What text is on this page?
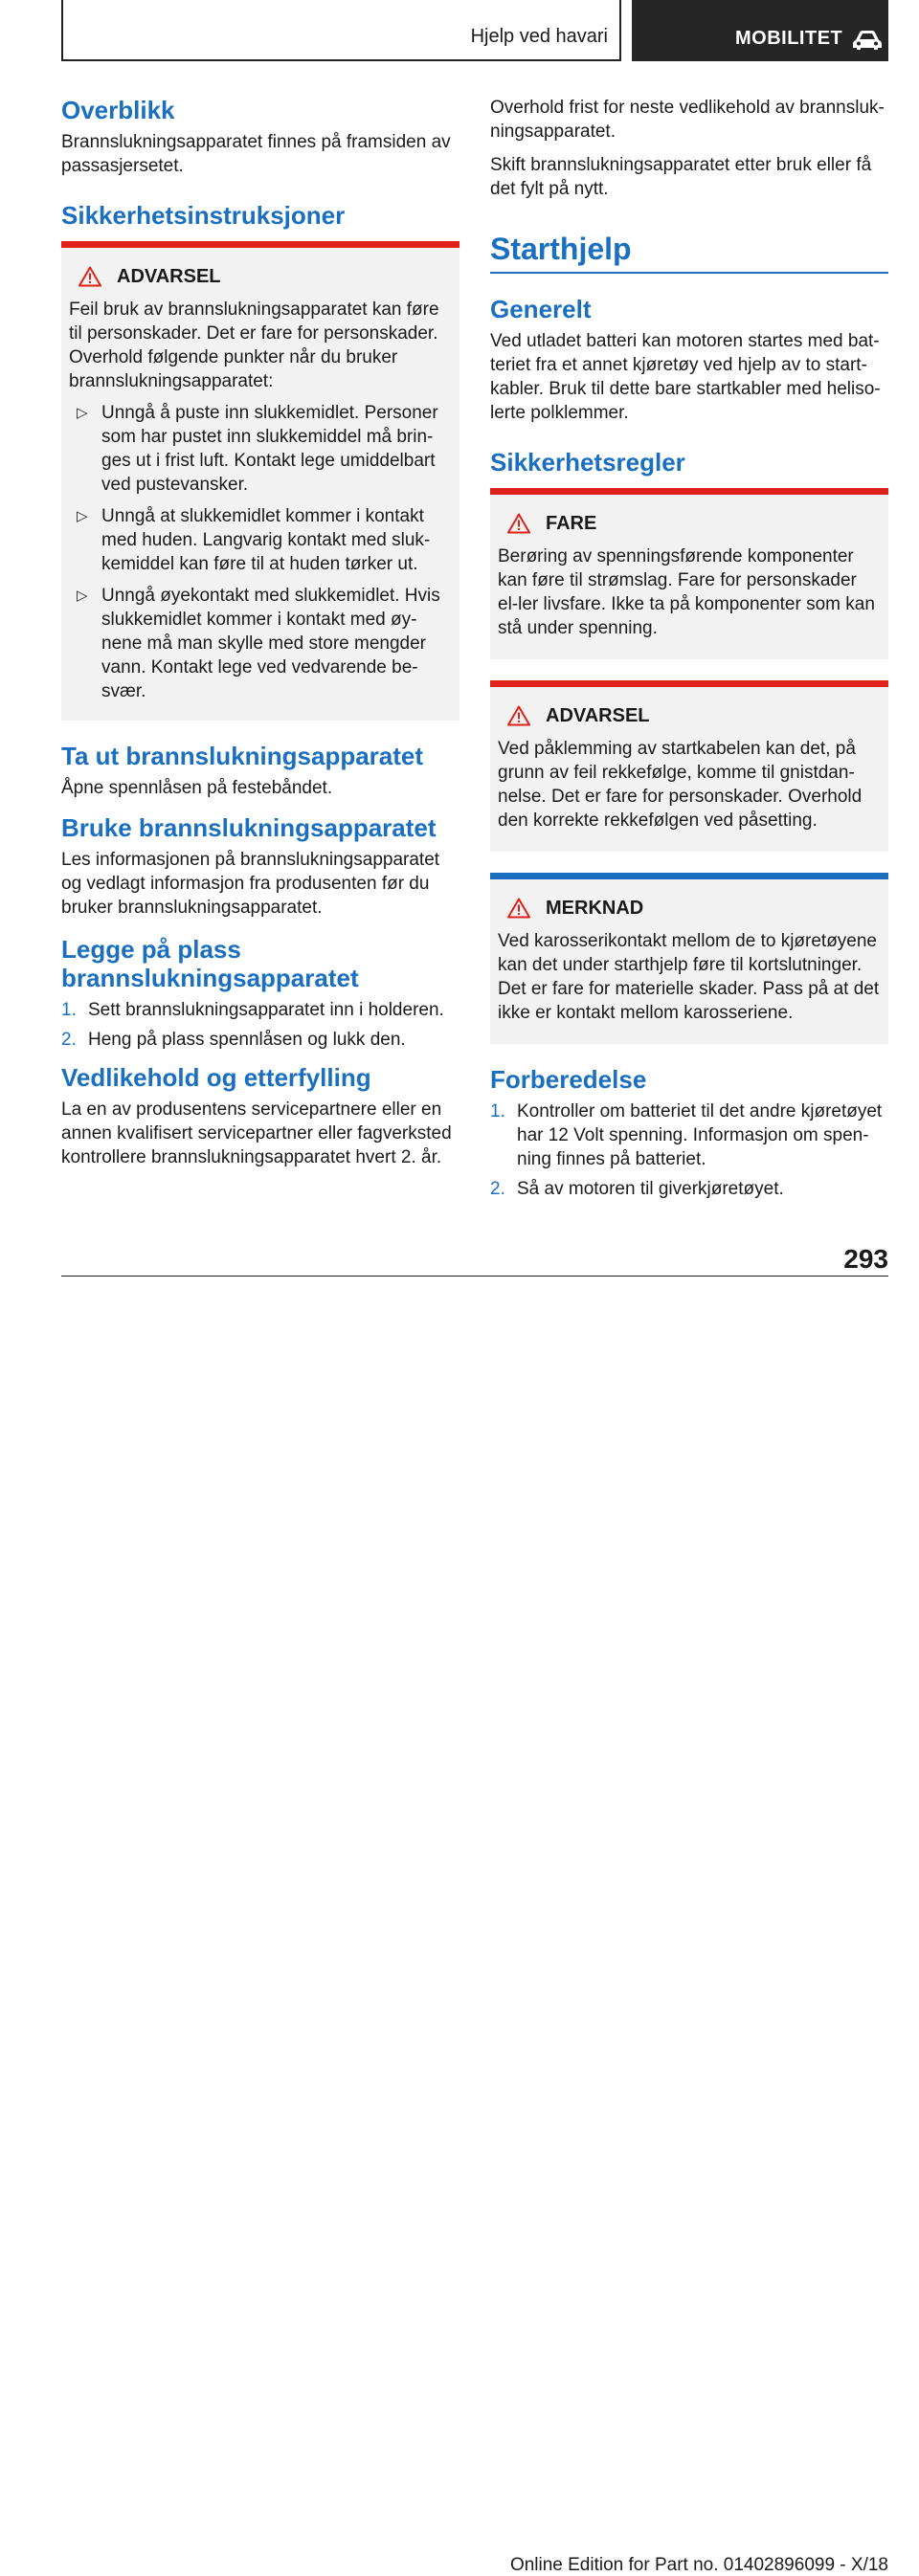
Hjelp ved havari	MOBILITET
Overblikk
Brannslukningsapparatet finnes på framsiden av passasjersetet.
Sikkerhetsinstruksjoner
ADVARSEL
Feil bruk av brannslukningsapparatet kan føre til personskader. Det er fare for personskader. Overhold følgende punkter når du bruker brannslukningsapparatet:
▷ Unngå å puste inn slukkemidlet. Personer som har pustet inn slukkemiddel må brin-ges ut i frist luft. Kontakt lege umiddelbart ved pustevansker.
▷ Unngå at slukkemidlet kommer i kontakt med huden. Langvarig kontakt med sluk-kemiddel kan føre til at huden tørker ut.
▷ Unngå øyekontakt med slukkemidlet. Hvis slukkemidlet kommer i kontakt med øy-nene må man skylle med store mengder vann. Kontakt lege ved vedvarende be-svær.
Ta ut brannslukningsapparatet
Åpne spennlåsen på festebåndet.
Bruke brannslukningsapparatet
Les informasjonen på brannslukningsapparatet og vedlagt informasjon fra produsenten før du bruker brannslukningsapparatet.
Legge på plass brannslukningsapparatet
1. Sett brannslukningsapparatet inn i holderen.
2. Heng på plass spennlåsen og lukk den.
Vedlikehold og etterfylling
La en av produsentens servicepartnere eller en annen kvalifisert servicepartner eller fagverksted kontrollere brannslukningsapparatet hvert 2. år.
Overhold frist for neste vedlikehold av brannsluk-ningsapparatet.
Skift brannslukningsapparatet etter bruk eller få det fylt på nytt.
Starthjelp
Generelt
Ved utladet batteri kan motoren startes med bat-teriet fra et annet kjøretøy ved hjelp av to start-kabler. Bruk til dette bare startkabler med heliso-lerte polklemmer.
Sikkerhetsregler
FARE
Berøring av spenningsførende komponenter kan føre til strømslag. Fare for personskader el-ler livsfare. Ikke ta på komponenter som kan stå under spenning.
ADVARSEL
Ved påklemming av startkabelen kan det, på grunn av feil rekkefølge, komme til gnistdan-nelse. Det er fare for personskader. Overhold den korrekte rekkefølgen ved påsetting.
MERKNAD
Ved karosserikontakt mellom de to kjøretøyene kan det under starthjelp føre til kortslutninger. Det er fare for materielle skader. Pass på at det ikke er kontakt mellom karosseriene.
Forberedelse
1. Kontroller om batteriet til det andre kjøretøyet har 12 Volt spenning. Informasjon om spen-ning finnes på batteriet.
2. Så av motoren til giverkjøretøyet.
293
Online Edition for Part no. 01402896099 - X/18
